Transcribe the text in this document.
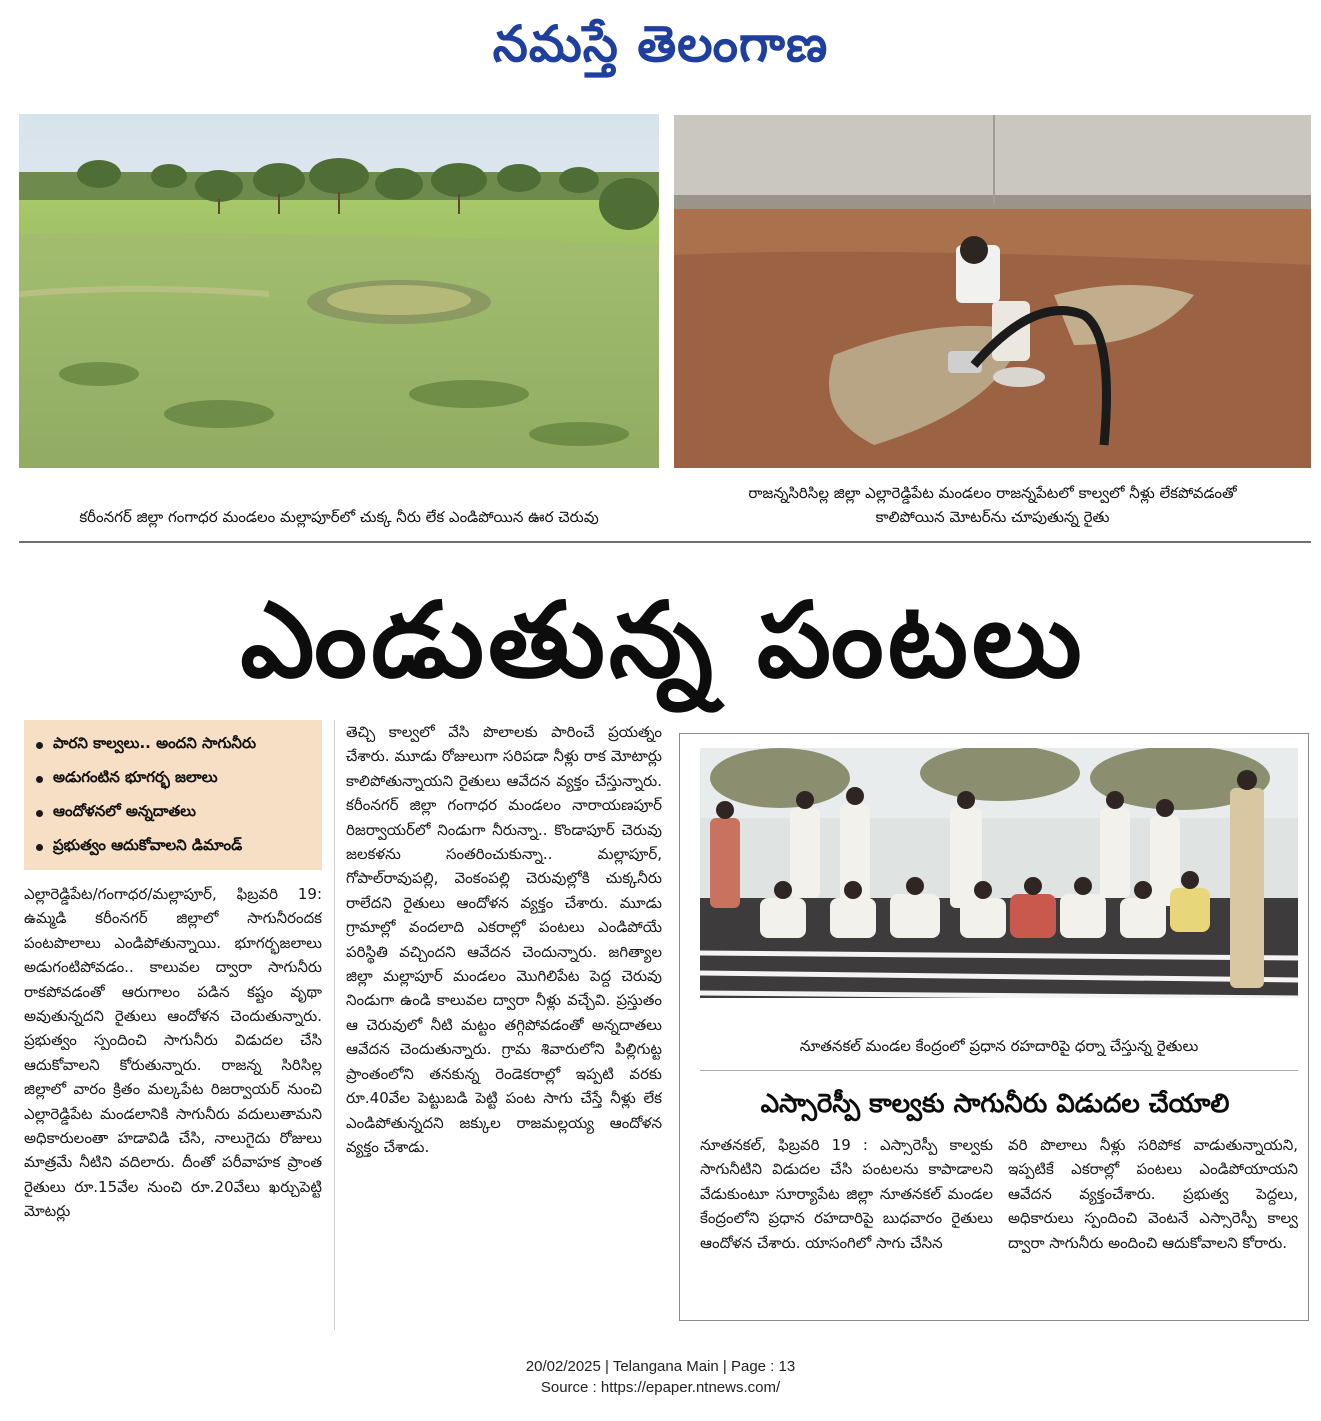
నమస్తే తెలంగాణ
కరీంనగర్ జిల్లా గంగాధర మండలం మల్లాపూర్‌లో చుక్క నీరు లేక ఎండిపోయిన ఊర చెరువు
రాజన్నసిరిసిల్ల జిల్లా ఎల్లారెడ్డిపేట మండలం రాజన్నపేటలో కాల్వలో నీళ్లు లేకపోవడంతో
కాలిపోయిన మోటర్‌ను చూపుతున్న రైతు
ఎండుతున్న పంటలు
పారని కాల్వలు.. అందని సాగునీరు
అడుగంటిన భూగర్భ జలాలు
ఆందోళనలో అన్నదాతలు
ప్రభుత్వం ఆదుకోవాలని డిమాండ్

ఎల్లారెడ్డిపేట/గంగాధర/మల్లాపూర్, ఫిబ్రవరి 19: ఉమ్మడి కరీంనగర్ జిల్లాలో సాగునీరందక పంటపొలాలు ఎండిపోతున్నాయి. భూగర్భజలాలు అడుగంటిపోవడం.. కాలువల ద్వారా సాగునీరు రాకపోవడంతో ఆరుగాలం పడిన కష్టం వృథా అవుతున్నదని రైతులు ఆందోళన చెందుతున్నారు. ప్రభుత్వం స్పందించి సాగునీరు విడుదల చేసి ఆదుకోవాలని కోరుతున్నారు. రాజన్న సిరిసిల్ల జిల్లాలో వారం క్రితం మల్కపేట రిజర్వాయర్ నుంచి ఎల్లారెడ్డిపేట మండలానికి సాగునీరు వదులుతామని అధికారులంతా హడావిడి చేసి, నాలుగైదు రోజులు మాత్రమే నీటిని వదిలారు. దీంతో పరీవాహక ప్రాంత రైతులు రూ.15వేల నుంచి రూ.20వేలు ఖర్చుపెట్టి మోటర్లు

తెచ్చి కాల్వలో వేసి పొలాలకు పారించే ప్రయత్నం చేశారు. మూడు రోజులుగా సరిపడా నీళ్లు రాక మోటార్లు కాలిపోతున్నాయని రైతులు ఆవేదన వ్యక్తం చేస్తున్నారు. కరీంనగర్ జిల్లా గంగాధర మండలం నారాయణపూర్ రిజర్వాయర్‌లో నిండుగా నీరున్నా.. కొండాపూర్ చెరువు జలకళను సంతరించుకున్నా.. మల్లాపూర్, గోపాల్‌రావుపల్లి, వెంకంపల్లి చెరువుల్లోకి చుక్కనీరు రాలేదని రైతులు ఆందోళన వ్యక్తం చేశారు. మూడు గ్రామాల్లో వందలాది ఎకరాల్లో పంటలు ఎండిపోయే పరిస్థితి వచ్చిందని ఆవేదన చెందున్నారు. జగిత్యాల జిల్లా మల్లాపూర్ మండలం మొగిలిపేట పెద్ద చెరువు నిండుగా ఉండి కాలువల ద్వారా నీళ్లు వచ్చేవి. ప్రస్తుతం ఆ చెరువులో నీటి మట్టం తగ్గిపోవడంతో అన్నదాతలు ఆవేదన చెందుతున్నారు. గ్రామ శివారులోని పిల్లిగుట్ట ప్రాంతంలోని తనకున్న రెండెకరాల్లో ఇప్పటి వరకు రూ.40వేల పెట్టుబడి పెట్టి పంట సాగు చేస్తే నీళ్లు లేక ఎండిపోతున్నదని జక్కుల రాజమల్లయ్య ఆందోళన వ్యక్తం చేశాడు.

నూతనకల్ మండల కేంద్రంలో ప్రధాన రహదారిపై ధర్నా చేస్తున్న రైతులు
ఎస్సారెస్పీ కాల్వకు సాగునీరు విడుదల చేయాలి

నూతనకల్, ఫిబ్రవరి 19 : ఎస్సారెస్పీ కాల్వకు సాగునీటిని విడుదల చేసి పంటలను కాపాడాలని వేడుకుంటూ సూర్యాపేట జిల్లా నూతనకల్ మండల కేంద్రంలోని ప్రధాన రహదారిపై బుధవారం రైతులు ఆందోళన చేశారు. యాసంగిలో సాగు చేసిన

వరి పొలాలు నీళ్లు సరిపోక వాడుతున్నాయని, ఇప్పటికే ఎకరాల్లో పంటలు ఎండిపోయాయని ఆవేదన వ్యక్తంచేశారు. ప్రభుత్వ పెద్దలు, అధికారులు స్పందించి వెంటనే ఎస్సారెస్పీ కాల్వ ద్వారా సాగునీరు అందించి ఆదుకోవాలని కోరారు.

20/02/2025 | Telangana Main | Page : 13
Source : https://epaper.ntnews.com/
